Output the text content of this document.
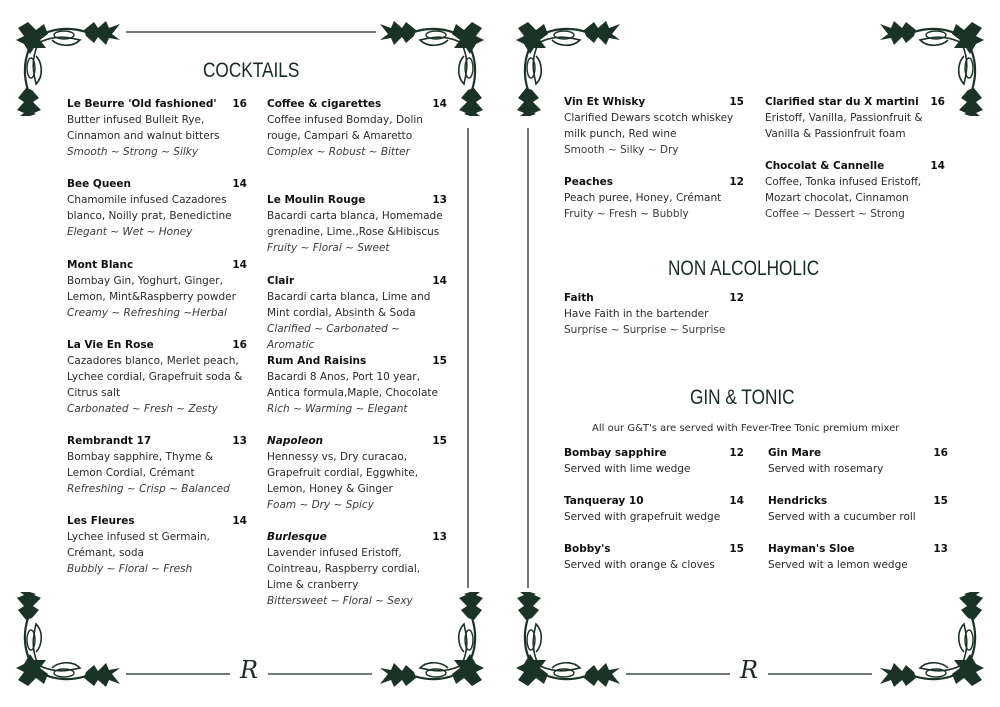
R
COCKTAILS
Le Beurre 'Old fashioned' 16
Butter infused Bulleit Rye, Cinnamon and walnut bitters
Smooth ~ Strong ~ Silky
Bee Queen	14
Chamomile infused Cazadores blanco, Noilly prat, Benedictine
Elegant ~ Wet ~ Honey
Mont Blanc	14
Bombay Gin, Yoghurt, Ginger, Lemon, Mint&Raspberry powder
Creamy ~ Refreshing ~Herbal
La Vie En Rose	16
Cazadores blanco, Merlet peach, Lychee cordial, Grapefruit soda & Citrus salt
Carbonated ~ Fresh ~ Zesty
Rembrandt 17	13
Bombay sapphire, Thyme & Lemon Cordial, Crémant
Refreshing ~ Crisp ~ Balanced
Les Fleures	14
Lychee infused st Germain, Crémant, soda
Bubbly ~ Floral ~ Fresh
Coffee & cigarettes	14
Coffee infused Bomday, Dolin rouge, Campari & Amaretto
Complex ~ Robust ~ Bitter
Le Moulin Rouge	13
Bacardi carta blanca, Homemade grenadine, Lime.,Rose &Hibiscus
Fruity ~ Floral ~ Sweet
Clair	14
Bacardi carta blanca, Lime and Mint cordial, Absinth & Soda
Clarified ~ Carbonated ~ Aromatic
Rum And Raisins	15
Bacardi 8 Anos, Port 10 year, Antica formula,Maple, Chocolate
Rich ~ Warming ~ Elegant
Napoleon	15
Hennessy vs, Dry curacao, Grapefruit cordial, Eggwhite, Lemon, Honey & Ginger
Foam ~ Dry ~ Spicy
Burlesque	13
Lavender infused Eristoff, Cointreau, Raspberry cordial, Lime & cranberry
Bittersweet ~ Floral ~ Sexy
R
Vin Et Whisky	15
Clarified Dewars scotch whiskey milk punch, Red wine
Smooth ~ Silky ~ Dry
Peaches	12
Peach puree, Honey, Crémant
Fruity ~ Fresh ~ Bubbly
Clarified star du X martini 16
Eristoff, Vanilla, Passionfruit & Vanilla & Passionfruit foam
Chocolat & Cannelle	14
Coffee, Tonka infused Eristoff, Mozart chocolat, Cinnamon
Coffee ~ Dessert ~ Strong
NON ALCOLHOLIC
Faith	12
Have Faith in the bartender
Surprise ~ Surprise ~ Surprise
GIN & TONIC
All our G&T's are served with Fever-Tree Tonic premium mixer
Bombay sapphire	12
Served with lime wedge
Gin Mare	16
Served with rosemary
Tanqueray 10	14
Served with grapefruit wedge
Hendricks	15
Served with a cucumber roll
Bobby's	15
Served with orange & cloves
Hayman's Sloe	13
Served wit a lemon wedge
